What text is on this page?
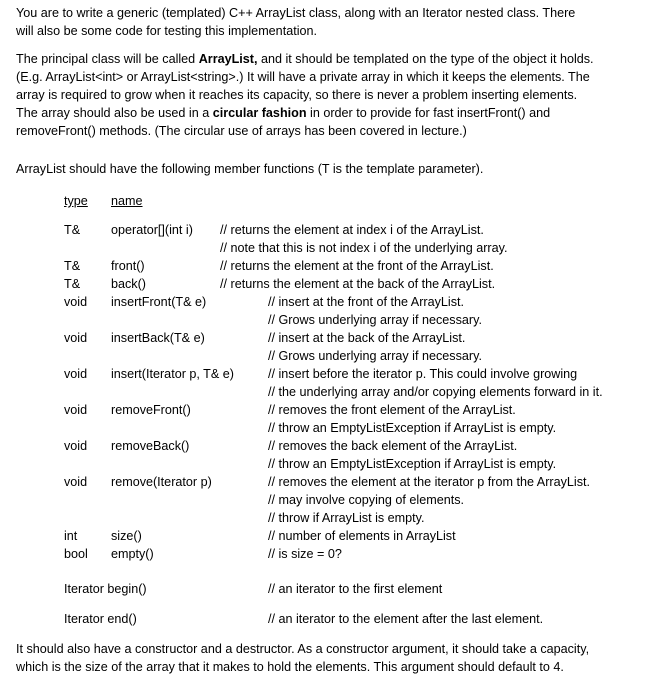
You are to write a generic (templated) C++ ArrayList class, along with an Iterator nested class. There
will also be some code for testing this implementation.
The principal class will be called ArrayList, and it should be templated on the type of the object it holds.
(E.g. ArrayList<int> or ArrayList<string>.) It will have a private array in which it keeps the elements. The
array is required to grow when it reaches its capacity, so there is never a problem inserting elements.
The array should also be used in a circular fashion in order to provide for fast insertFront() and
removeFront() methods. (The circular use of arrays has been covered in lecture.)
ArrayList should have the following member functions (T is the template parameter).
type name
T& operator[](int i) // returns the element at index i of the ArrayList.
// note that this is not index i of the underlying array.
T& front()	// returns the element at the front of the ArrayList.
T& back()	// returns the element at the back of the ArrayList.
void insertFront(T& e)	// insert at the front of the ArrayList.
// Grows underlying array if necessary.
void insertBack(T& e)	// insert at the back of the ArrayList.
// Grows underlying array if necessary.
void insert(Iterator p, T& e)	// insert before the iterator p. This could involve growing
// the underlying array and/or copying elements forward in it.
void removeFront()	// removes the front element of the ArrayList.
// throw an EmptyListException if ArrayList is empty.
void removeBack()	// removes the back element of the ArrayList.
// throw an EmptyListException if ArrayList is empty.
void remove(Iterator p)	// removes the element at the iterator p from the ArrayList.
// may involve copying of elements.
// throw if ArrayList is empty.
int	size()	// number of elements in ArrayList
bool empty()	// is size = 0?
Iterator begin()	// an iterator to the first element
Iterator end()	// an iterator to the element after the last element.
It should also have a constructor and a destructor. As a constructor argument, it should take a capacity,
which is the size of the array that it makes to hold the elements. This argument should default to 4.
